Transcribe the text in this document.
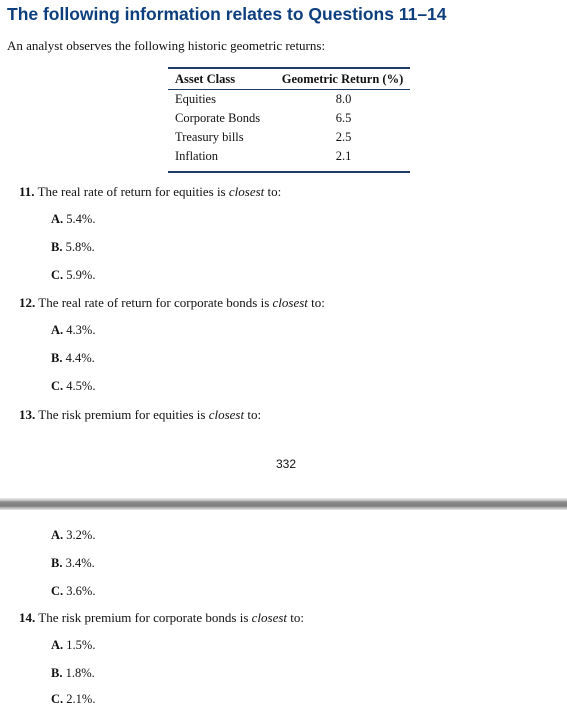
The following information relates to Questions 11–14
An analyst observes the following historic geometric returns:
Asset Class	Geometric Return (%)
Equities	8.0
Corporate Bonds	6.5
Treasury bills	2.5
Inflation	2.1
11. The real rate of return for equities is closest to:
A. 5.4%.
B. 5.8%.
C. 5.9%.
12. The real rate of return for corporate bonds is closest to:
A. 4.3%.
B. 4.4%.
C. 4.5%.
13. The risk premium for equities is closest to:
332
A. 3.2%.
B. 3.4%.
C. 3.6%.
14. The risk premium for corporate bonds is closest to:
A. 1.5%.
B. 1.8%.
C. 2.1%.
